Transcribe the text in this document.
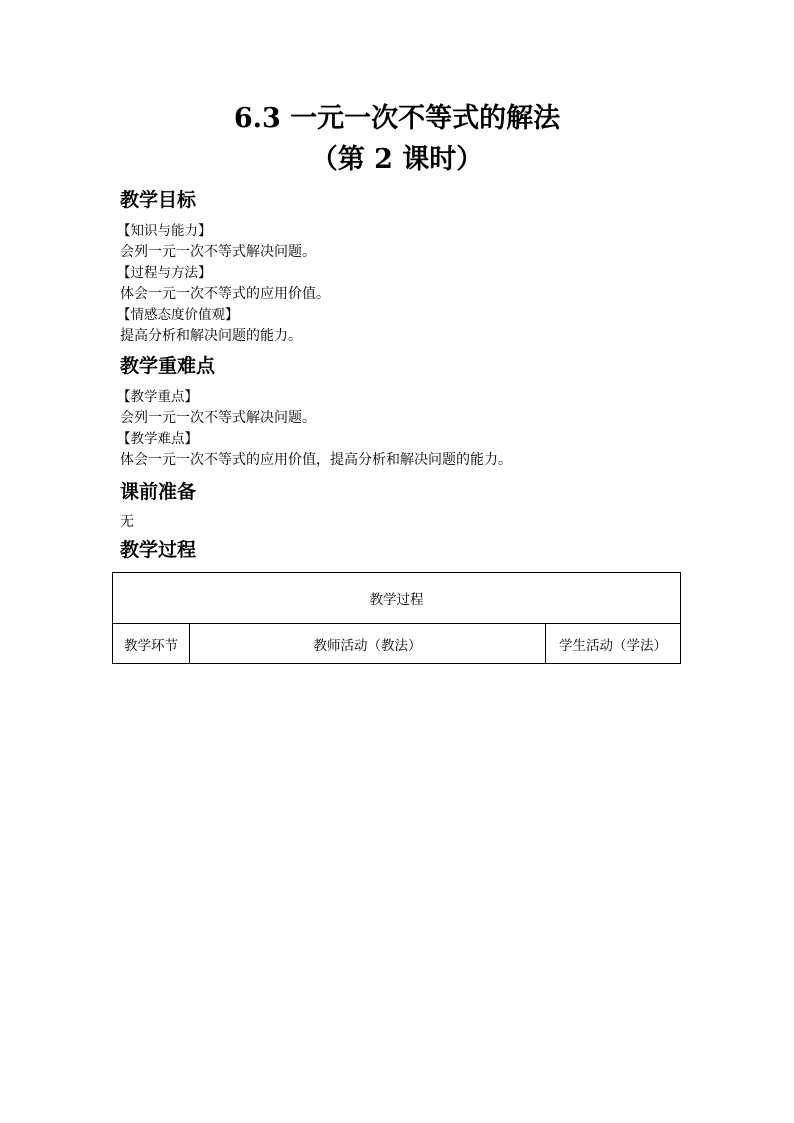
6.3 一元一次不等式的解法
（第 2 课时）
教学目标
【知识与能力】
会列一元一次不等式解决问题。
【过程与方法】
体会一元一次不等式的应用价值。
【情感态度价值观】
提高分析和解决问题的能力。
教学重难点
【教学重点】
会列一元一次不等式解决问题。
【教学难点】
体会一元一次不等式的应用价值，提高分析和解决问题的能力。
课前准备
无
教学过程
教学过程
教学环节	教师活动（教法）	学生活动（学法）
